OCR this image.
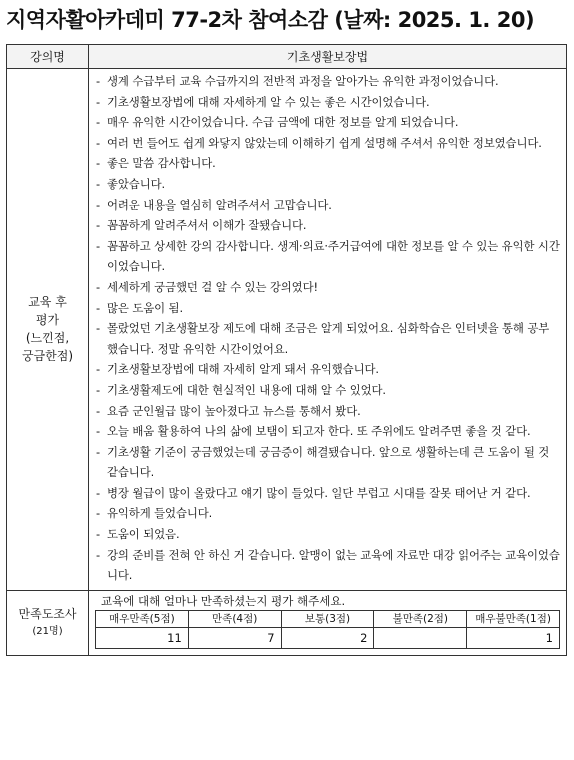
지역자활아카데미 77-2차 참여소감 (날짜: 2025. 1. 20)
강의명	기초생활보장법

교육 후
평가
(느낀점,
궁금한점)

- 생계 수급부터 교육 수급까지의 전반적 과정을 알아가는 유익한 과정이었습니다.
- 기초생활보장법에 대해 자세하게 알 수 있는 좋은 시간이었습니다.
- 매우 유익한 시간이었습니다. 수급 금액에 대한 정보를 알게 되었습니다.
- 여러 번 들어도 쉽게 와닿지 않았는데 이해하기 쉽게 설명해 주셔서 유익한 정보였습니다.
- 좋은 말씀 감사합니다.
- 좋았습니다.
- 어려운 내용을 열심히 알려주셔서 고맙습니다.
- 꼼꼼하게 알려주셔서 이해가 잘됐습니다.
- 꼼꼼하고 상세한 강의 감사합니다. 생계·의료·주거급여에 대한 정보를 알 수 있는 유익한 시간이었습니다.
- 세세하게 궁금했던 걸 알 수 있는 강의였다!
- 많은 도움이 됨.
- 몰랐었던 기초생활보장 제도에 대해 조금은 알게 되었어요. 심화학습은 인터넷을 통해 공부했습니다. 정말 유익한 시간이었어요.
- 기초생활보장법에 대해 자세히 알게 돼서 유익했습니다.
- 기초생활제도에 대한 현실적인 내용에 대해 알 수 있었다.
- 요즘 군인월급 많이 높아졌다고 뉴스를 통해서 봤다.
- 오늘 배움 활용하여 나의 삶에 보탬이 되고자 한다. 또 주위에도 알려주면 좋을 것 같다.
- 기초생활 기준이 궁금했었는데 궁금증이 해결됐습니다. 앞으로 생활하는데 큰 도움이 될 것 같습니다.
- 병장 월급이 많이 올랐다고 얘기 많이 들었다. 일단 부럽고 시대를 잘못 태어난 거 같다.
- 유익하게 들었습니다.
- 도움이 되었음.
- 강의 준비를 전혀 안 하신 거 같습니다. 알맹이 없는 교육에 자료만 대강 읽어주는 교육이었습니다.

만족도조사
(21명)

교육에 대해 얼마나 만족하셨는지 평가 해주세요.
매우만족(5점)	만족(4점)	보통(3점)	불만족(2점)	매우불만족(1점)
11	7	2		1
